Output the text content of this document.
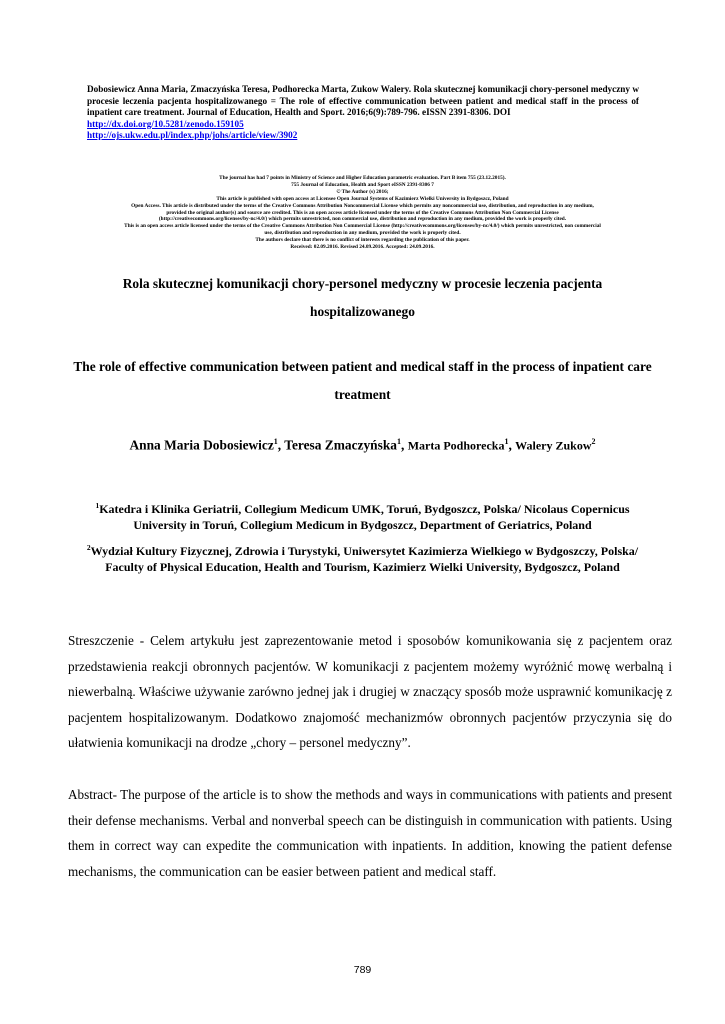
Dobosiewicz Anna Maria, Zmaczyńska Teresa, Podhorecka Marta, Zukow Walery. Rola skutecznej komunikacji chory-personel medyczny w procesie leczenia pacjenta hospitalizowanego = The role of effective communication between patient and medical staff in the process of inpatient care treatment. Journal of Education, Health and Sport. 2016;6(9):789-796. eISSN 2391-8306. DOI
http://dx.doi.org/10.5281/zenodo.159105
http://ojs.ukw.edu.pl/index.php/johs/article/view/3902
The journal has had 7 points in Ministry of Science and Higher Education parametric evaluation. Part B item 755 (23.12.2015).
755 Journal of Education, Health and Sport eISSN 2391-8306 7
© The Author (s) 2016;
This article is published with open access at Licensee Open Journal Systems of Kazimierz Wielki University in Bydgoszcz, Poland
Open Access. This article is distributed under the terms of the Creative Commons Attribution Noncommercial License which permits any noncommercial use, distribution, and reproduction in any medium,
provided the original author(s) and source are credited. This is an open access article licensed under the terms of the Creative Commons Attribution Non Commercial License
(http://creativecommons.org/licenses/by-nc/4.0/) which permits unrestricted, non commercial use, distribution and reproduction in any medium, provided the work is properly cited.
This is an open access article licensed under the terms of the Creative Commons Attribution Non Commercial License (http://creativecommons.org/licenses/by-nc/4.0/) which permits unrestricted, non commercial
use, distribution and reproduction in any medium, provided the work is properly cited.
The authors declare that there is no conflict of interests regarding the publication of this paper.
Received: 02.09.2016. Revised 24.09.2016. Accepted: 24.09.2016.
Rola skutecznej komunikacji chory-personel medyczny w procesie leczenia pacjenta hospitalizowanego
The role of effective communication between patient and medical staff in the process of inpatient care treatment
Anna Maria Dobosiewicz$^1$, Teresa Zmaczyńska$^1$, Marta Podhorecka$^1$, Walery Zukow$^2$
$^1$Katedra i Klinika Geriatrii, Collegium Medicum UMK, Toruń, Bydgoszcz, Polska/ Nicolaus Copernicus University in Toruń, Collegium Medicum in Bydgoszcz, Department of Geriatrics, Poland
$^2$Wydział Kultury Fizycznej, Zdrowia i Turystyki, Uniwersytet Kazimierza Wielkiego w Bydgoszczy, Polska/ Faculty of Physical Education, Health and Tourism, Kazimierz Wielki University, Bydgoszcz, Poland
Streszczenie - Celem artykułu jest zaprezentowanie metod i sposobów komunikowania się z pacjentem oraz przedstawienia reakcji obronnych pacjentów. W komunikacji z pacjentem możemy wyróżnić mowę werbalną i niewerbalną. Właściwe używanie zarówno jednej jak i drugiej w znaczący sposób może usprawnić komunikację z pacjentem hospitalizowanym. Dodatkowo znajomość mechanizmów obronnych pacjentów przyczynia się do ułatwienia komunikacji na drodze „chory – personel medyczny”.
Abstract- The purpose of the article is to show the methods and ways in communications with patients and present their defense mechanisms. Verbal and nonverbal speech can be distinguish in communication with patients. Using them in correct way can expedite the communication with inpatients. In addition, knowing the patient defense mechanisms, the communication can be easier between patient and medical staff.
789
